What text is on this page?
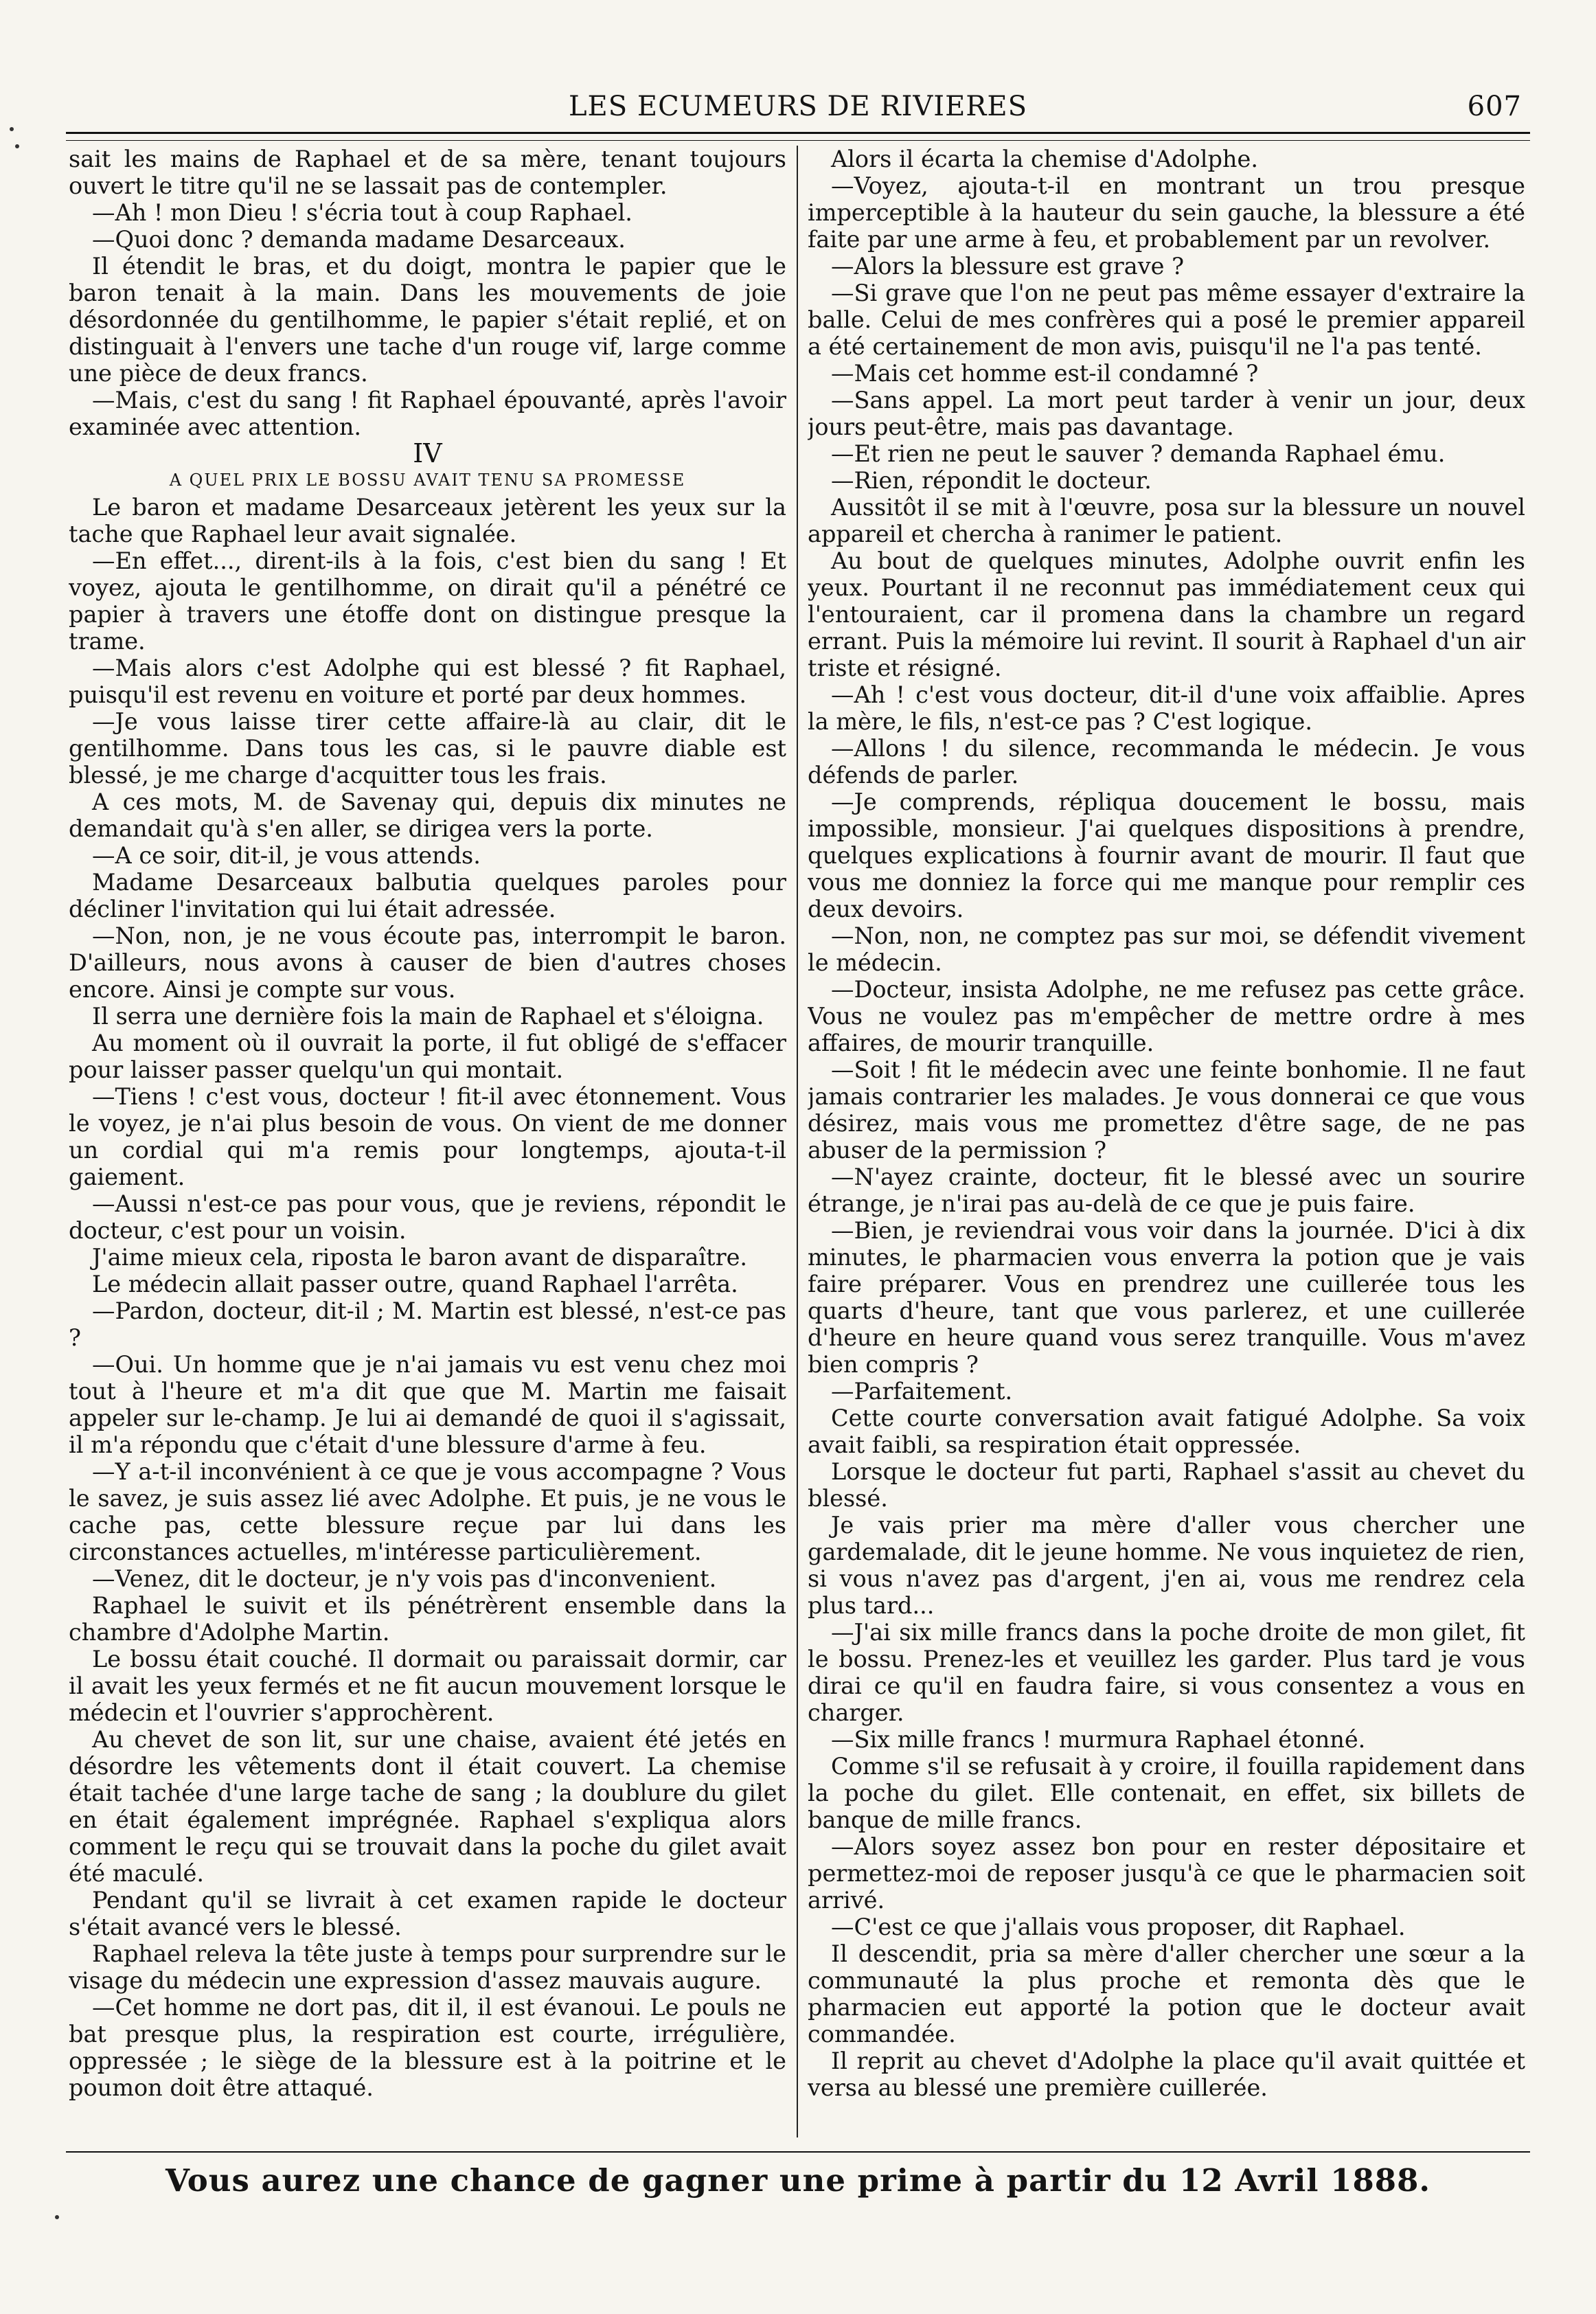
LES ECUMEURS DE RIVIERES	607

sait les mains de Raphael et de sa mère, tenant toujours ouvert le titre qu'il ne se lassait pas de contempler.

—Ah ! mon Dieu ! s'écria tout à coup Raphael.

—Quoi donc ? demanda madame Desarceaux.

Il étendit le bras, et du doigt, montra le papier que le baron tenait à la main. Dans les mouvements de joie désordonnée du gentilhomme, le papier s'était replié, et on distinguait à l'envers une tache d'un rouge vif, large comme une pièce de deux francs.

—Mais, c'est du sang ! fit Raphael épouvanté, après l'avoir examinée avec attention.

IV

A QUEL PRIX LE BOSSU AVAIT TENU SA PROMESSE

Le baron et madame Desarceaux jetèrent les yeux sur la tache que Raphael leur avait signalée.

—En effet..., dirent-ils à la fois, c'est bien du sang ! Et voyez, ajouta le gentilhomme, on dirait qu'il a pénétré ce papier à travers une étoffe dont on distingue presque la trame.

—Mais alors c'est Adolphe qui est blessé ? fit Raphael, puisqu'il est revenu en voiture et porté par deux hommes.

—Je vous laisse tirer cette affaire-là au clair, dit le gentilhomme. Dans tous les cas, si le pauvre diable est blessé, je me charge d'acquitter tous les frais.

A ces mots, M. de Savenay qui, depuis dix minutes ne demandait qu'à s'en aller, se dirigea vers la porte.

—A ce soir, dit-il, je vous attends.

Madame Desarceaux balbutia quelques paroles pour décliner l'invitation qui lui était adressée.

—Non, non, je ne vous écoute pas, interrompit le baron. D'ailleurs, nous avons à causer de bien d'autres choses encore. Ainsi je compte sur vous.

Il serra une dernière fois la main de Raphael et s'éloigna.

Au moment où il ouvrait la porte, il fut obligé de s'effacer pour laisser passer quelqu'un qui montait.

—Tiens ! c'est vous, docteur ! fit-il avec étonnement. Vous le voyez, je n'ai plus besoin de vous. On vient de me donner un cordial qui m'a remis pour longtemps, ajouta-t-il gaiement.

—Aussi n'est-ce pas pour vous, que je reviens, répondit le docteur, c'est pour un voisin.

J'aime mieux cela, riposta le baron avant de disparaître.

Le médecin allait passer outre, quand Raphael l'arrêta.

—Pardon, docteur, dit-il ; M. Martin est blessé, n'est-ce pas ?

—Oui. Un homme que je n'ai jamais vu est venu chez moi tout à l'heure et m'a dit que que M. Martin me faisait appeler sur le-champ. Je lui ai demandé de quoi il s'agissait, il m'a répondu que c'était d'une blessure d'arme à feu.

—Y a-t-il inconvénient à ce que je vous accompagne ? Vous le savez, je suis assez lié avec Adolphe. Et puis, je ne vous le cache pas, cette blessure reçue par lui dans les circonstances actuelles, m'intéresse particulièrement.

—Venez, dit le docteur, je n'y vois pas d'inconvenient.

Raphael le suivit et ils pénétrèrent ensemble dans la chambre d'Adolphe Martin.

Le bossu était couché. Il dormait ou paraissait dormir, car il avait les yeux fermés et ne fit aucun mouvement lorsque le médecin et l'ouvrier s'approchèrent.

Au chevet de son lit, sur une chaise, avaient été jetés en désordre les vêtements dont il était couvert. La chemise était tachée d'une large tache de sang ; la doublure du gilet en était également imprégnée. Raphael s'expliqua alors comment le reçu qui se trouvait dans la poche du gilet avait été maculé.

Pendant qu'il se livrait à cet examen rapide le docteur s'était avancé vers le blessé.

Raphael releva la tête juste à temps pour surprendre sur le visage du médecin une expression d'assez mauvais augure.

—Cet homme ne dort pas, dit il, il est évanoui. Le pouls ne bat presque plus, la respiration est courte, irrégulière, oppressée ; le siège de la blessure est à la poitrine et le poumon doit être attaqué.

Alors il écarta la chemise d'Adolphe.

—Voyez, ajouta-t-il en montrant un trou presque imperceptible à la hauteur du sein gauche, la blessure a été faite par une arme à feu, et probablement par un revolver.

—Alors la blessure est grave ?

—Si grave que l'on ne peut pas même essayer d'extraire la balle. Celui de mes confrères qui a posé le premier appareil a été certainement de mon avis, puisqu'il ne l'a pas tenté.

—Mais cet homme est-il condamné ?

—Sans appel. La mort peut tarder à venir un jour, deux jours peut-être, mais pas davantage.

—Et rien ne peut le sauver ? demanda Raphael ému.

—Rien, répondit le docteur.

Aussitôt il se mit à l'œuvre, posa sur la blessure un nouvel appareil et chercha à ranimer le patient.

Au bout de quelques minutes, Adolphe ouvrit enfin les yeux. Pourtant il ne reconnut pas immédiatement ceux qui l'entouraient, car il promena dans la chambre un regard errant. Puis la mémoire lui revint. Il sourit à Raphael d'un air triste et résigné.

—Ah ! c'est vous docteur, dit-il d'une voix affaiblie. Apres la mère, le fils, n'est-ce pas ? C'est logique.

—Allons ! du silence, recommanda le médecin. Je vous défends de parler.

—Je comprends, répliqua doucement le bossu, mais impossible, monsieur. J'ai quelques dispositions à prendre, quelques explications à fournir avant de mourir. Il faut que vous me donniez la force qui me manque pour remplir ces deux devoirs.

—Non, non, ne comptez pas sur moi, se défendit vivement le médecin.

—Docteur, insista Adolphe, ne me refusez pas cette grâce. Vous ne voulez pas m'empêcher de mettre ordre à mes affaires, de mourir tranquille.

—Soit ! fit le médecin avec une feinte bonhomie. Il ne faut jamais contrarier les malades. Je vous donnerai ce que vous désirez, mais vous me promettez d'être sage, de ne pas abuser de la permission ?

—N'ayez crainte, docteur, fit le blessé avec un sourire étrange, je n'irai pas au-delà de ce que je puis faire.

—Bien, je reviendrai vous voir dans la journée. D'ici à dix minutes, le pharmacien vous enverra la potion que je vais faire préparer. Vous en prendrez une cuillerée tous les quarts d'heure, tant que vous parlerez, et une cuillerée d'heure en heure quand vous serez tranquille. Vous m'avez bien compris ?

—Parfaitement.

Cette courte conversation avait fatigué Adolphe. Sa voix avait faibli, sa respiration était oppressée.

Lorsque le docteur fut parti, Raphael s'assit au chevet du blessé.

Je vais prier ma mère d'aller vous chercher une gardemalade, dit le jeune homme. Ne vous inquietez de rien, si vous n'avez pas d'argent, j'en ai, vous me rendrez cela plus tard...

—J'ai six mille francs dans la poche droite de mon gilet, fit le bossu. Prenez-les et veuillez les garder. Plus tard je vous dirai ce qu'il en faudra faire, si vous consentez a vous en charger.

—Six mille francs ! murmura Raphael étonné.

Comme s'il se refusait à y croire, il fouilla rapidement dans la poche du gilet. Elle contenait, en effet, six billets de banque de mille francs.

—Alors soyez assez bon pour en rester dépositaire et permettez-moi de reposer jusqu'à ce que le pharmacien soit arrivé.

—C'est ce que j'allais vous proposer, dit Raphael.

Il descendit, pria sa mère d'aller chercher une sœur a la communauté la plus proche et remonta dès que le pharmacien eut apporté la potion que le docteur avait commandée.

Il reprit au chevet d'Adolphe la place qu'il avait quittée et versa au blessé une première cuillerée.

Vous aurez une chance de gagner une prime à partir du 12 Avril 1888.
